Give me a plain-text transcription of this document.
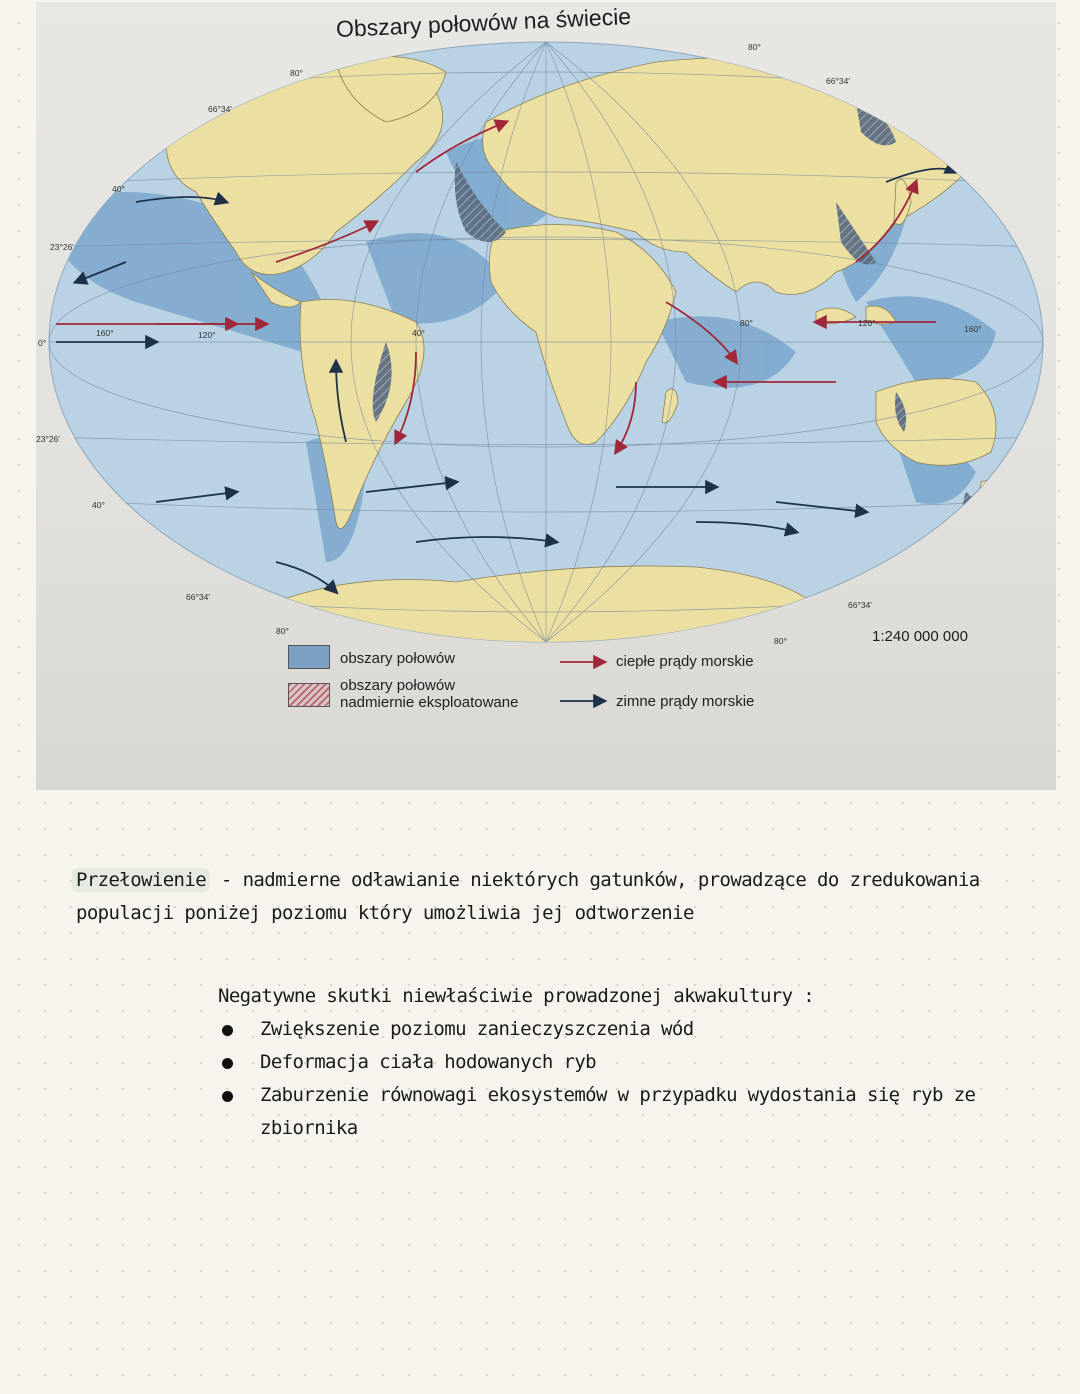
Obszary połowów na świecie
80°
66°34'
40°
23°26'
0°
23°26'
40°
66°34'
80°
80°
66°34'
66°34'
80°
160°	120°	40°
80°	120°
160°
1:240 000 000
obszary połowów
obszary połowów
nadmiernie eksploatowane
ciepłe prądy morskie
zimne prądy morskie
Przełowienie - nadmierne odławianie niektórych gatunków, prowadzące do zredukowania populacji poniżej poziomu który umożliwia jej odtworzenie
Negatywne skutki niewłaściwie prowadzonej akwakultury :
Zwiększenie poziomu zanieczyszczenia wód
Deformacja ciała hodowanych ryb
Zaburzenie równowagi ekosystemów w przypadku wydostania się ryb ze zbiornika
